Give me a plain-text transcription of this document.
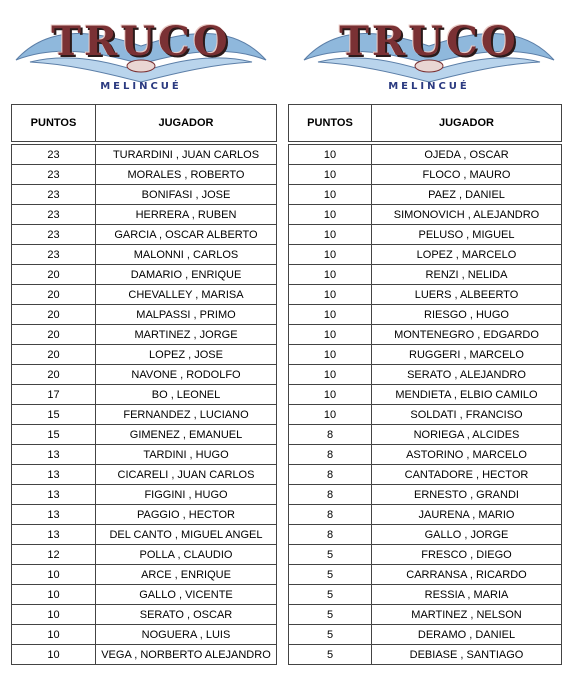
TRUCO
MELINCUÉ
TRUCO
MELINCUÉ
PUNTOS	JUGADOR

23	TURARDINI , JUAN CARLOS
23	MORALES , ROBERTO
23	BONIFASI , JOSE
23	HERRERA , RUBEN
23	GARCIA , OSCAR ALBERTO
23	MALONNI , CARLOS
20	DAMARIO , ENRIQUE
20	CHEVALLEY , MARISA
20	MALPASSI , PRIMO
20	MARTINEZ , JORGE
20	LOPEZ , JOSE
20	NAVONE , RODOLFO
17	BO , LEONEL
15	FERNANDEZ , LUCIANO
15	GIMENEZ , EMANUEL
13	TARDINI , HUGO
13	CICARELI , JUAN CARLOS
13	FIGGINI , HUGO
13	PAGGIO , HECTOR
13	DEL CANTO , MIGUEL ANGEL
12	POLLA , CLAUDIO
10	ARCE , ENRIQUE
10	GALLO , VICENTE
10	SERATO , OSCAR
10	NOGUERA , LUIS
10	VEGA , NORBERTO ALEJANDRO
PUNTOS	JUGADOR

10	OJEDA , OSCAR
10	FLOCO , MAURO
10	PAEZ , DANIEL
10	SIMONOVICH , ALEJANDRO
10	PELUSO , MIGUEL
10	LOPEZ , MARCELO
10	RENZI , NELIDA
10	LUERS , ALBEERTO
10	RIESGO , HUGO
10	MONTENEGRO , EDGARDO
10	RUGGERI , MARCELO
10	SERATO , ALEJANDRO
10	MENDIETA , ELBIO CAMILO
10	SOLDATI , FRANCISO
8	NORIEGA , ALCIDES
8	ASTORINO , MARCELO
8	CANTADORE , HECTOR
8	ERNESTO , GRANDI
8	JAURENA , MARIO
8	GALLO , JORGE
5	FRESCO , DIEGO
5	CARRANSA , RICARDO
5	RESSIA , MARIA
5	MARTINEZ , NELSON
5	DERAMO , DANIEL
5	DEBIASE , SANTIAGO
